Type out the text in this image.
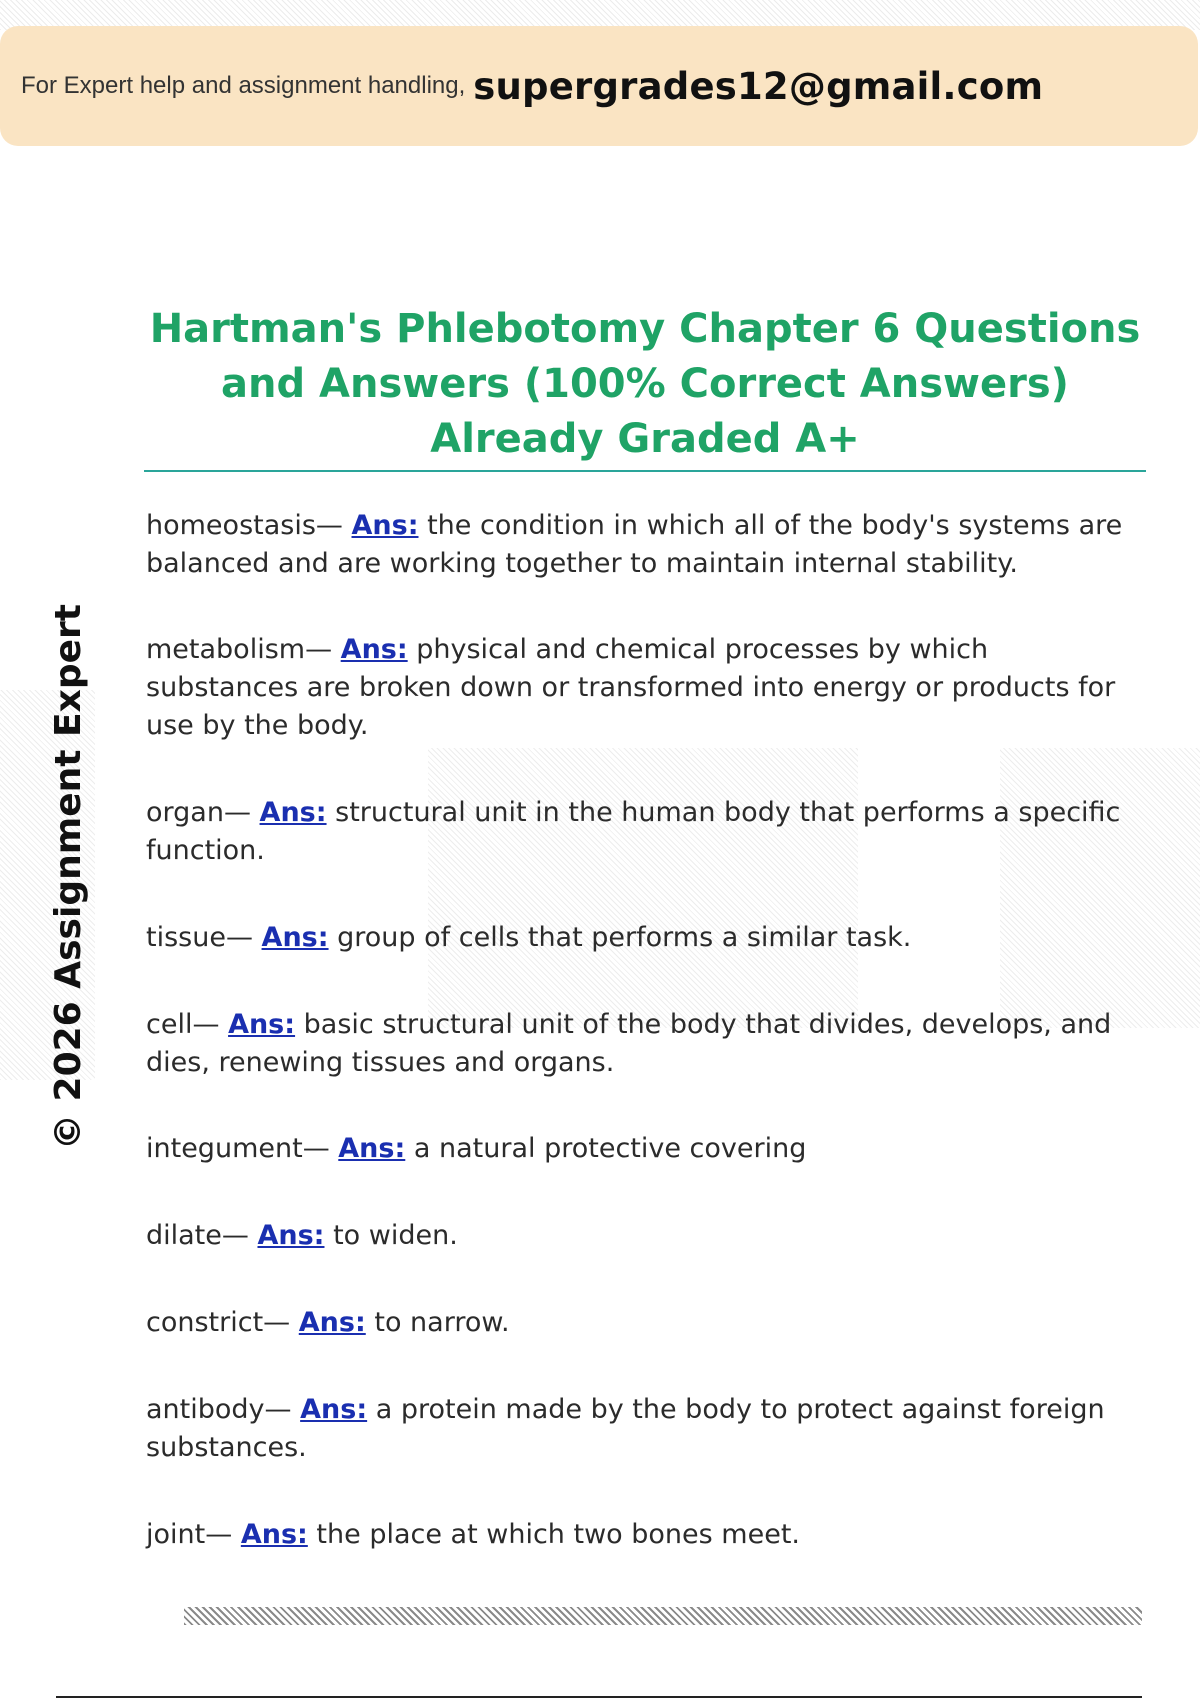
For Expert help and assignment handling, supergrades12@gmail.com
Hartman's Phlebotomy Chapter 6 Questions and Answers (100% Correct Answers) Already Graded A+
© 2026 Assignment Expert

homeostasis— Ans: the condition in which all of the body's systems are balanced and are working together to maintain internal stability.

metabolism— Ans: physical and chemical processes by which substances are broken down or transformed into energy or products for use by the body.

organ— Ans: structural unit in the human body that performs a specific function.

tissue— Ans: group of cells that performs a similar task.

cell— Ans: basic structural unit of the body that divides, develops, and dies, renewing tissues and organs.

integument— Ans: a natural protective covering

dilate— Ans: to widen.

constrict— Ans: to narrow.

antibody— Ans: a protein made by the body to protect against foreign substances.

joint— Ans: the place at which two bones meet.
